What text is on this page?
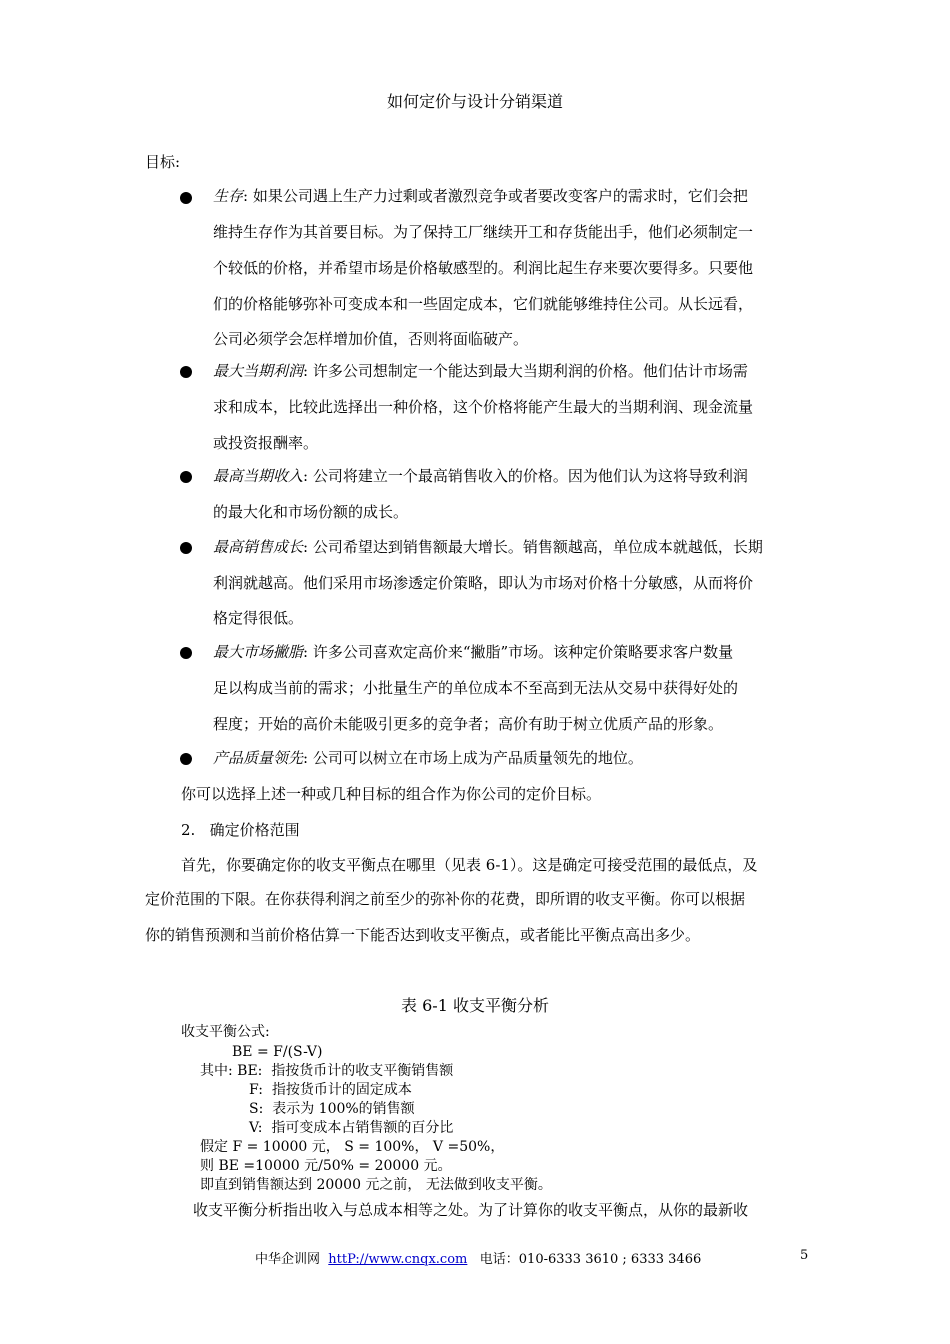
如何定价与设计分销渠道
目标:
生存: 如果公司遇上生产力过剩或者激烈竞争或者要改变客户的需求时，它们会把
维持生存作为其首要目标。为了保持工厂继续开工和存货能出手，他们必须制定一
个较低的价格，并希望市场是价格敏感型的。利润比起生存来要次要得多。只要他
们的价格能够弥补可变成本和一些固定成本，它们就能够维持住公司。从长远看，
公司必须学会怎样增加价值，否则将面临破产。
最大当期利润: 许多公司想制定一个能达到最大当期利润的价格。他们估计市场需
求和成本，比较此选择出一种价格，这个价格将能产生最大的当期利润、现金流量
或投资报酬率。
最高当期收入: 公司将建立一个最高销售收入的价格。因为他们认为这将导致利润
的最大化和市场份额的成长。
最高销售成长: 公司希望达到销售额最大增长。销售额越高，单位成本就越低，长期
利润就越高。他们采用市场渗透定价策略，即认为市场对价格十分敏感，从而将价
格定得很低。
最大市场撇脂: 许多公司喜欢定高价来“撇脂”市场。该种定价策略要求客户数量
足以构成当前的需求；小批量生产的单位成本不至高到无法从交易中获得好处的
程度；开始的高价未能吸引更多的竞争者；高价有助于树立优质产品的形象。
产品质量领先: 公司可以树立在市场上成为产品质量领先的地位。
你可以选择上述一种或几种目标的组合作为你公司的定价目标。
2.   确定价格范围
首先，你要确定你的收支平衡点在哪里（见表 6-1）。这是确定可接受范围的最低点，及
定价范围的下限。在你获得利润之前至少的弥补你的花费，即所谓的收支平衡。你可以根据
你的销售预测和当前价格估算一下能否达到收支平衡点，或者能比平衡点高出多少。
表 6-1 收支平衡分析
收支平衡公式:
BE = F/(S-V)
其中: BE:  指按货币计的收支平衡销售额
F:  指按货币计的固定成本
S:  表示为 100%的销售额
V:  指可变成本占销售额的百分比
假定 F = 10000 元， S = 100%， V =50%，
则 BE =10000 元/50% = 20000 元。
即直到销售额达到 20000 元之前， 无法做到收支平衡。
收支平衡分析指出收入与总成本相等之处。为了计算你的收支平衡点，从你的最新收
中华企训网 httP://www.cnqx.com 电话：010-6333 3610 ; 6333 3466	5
